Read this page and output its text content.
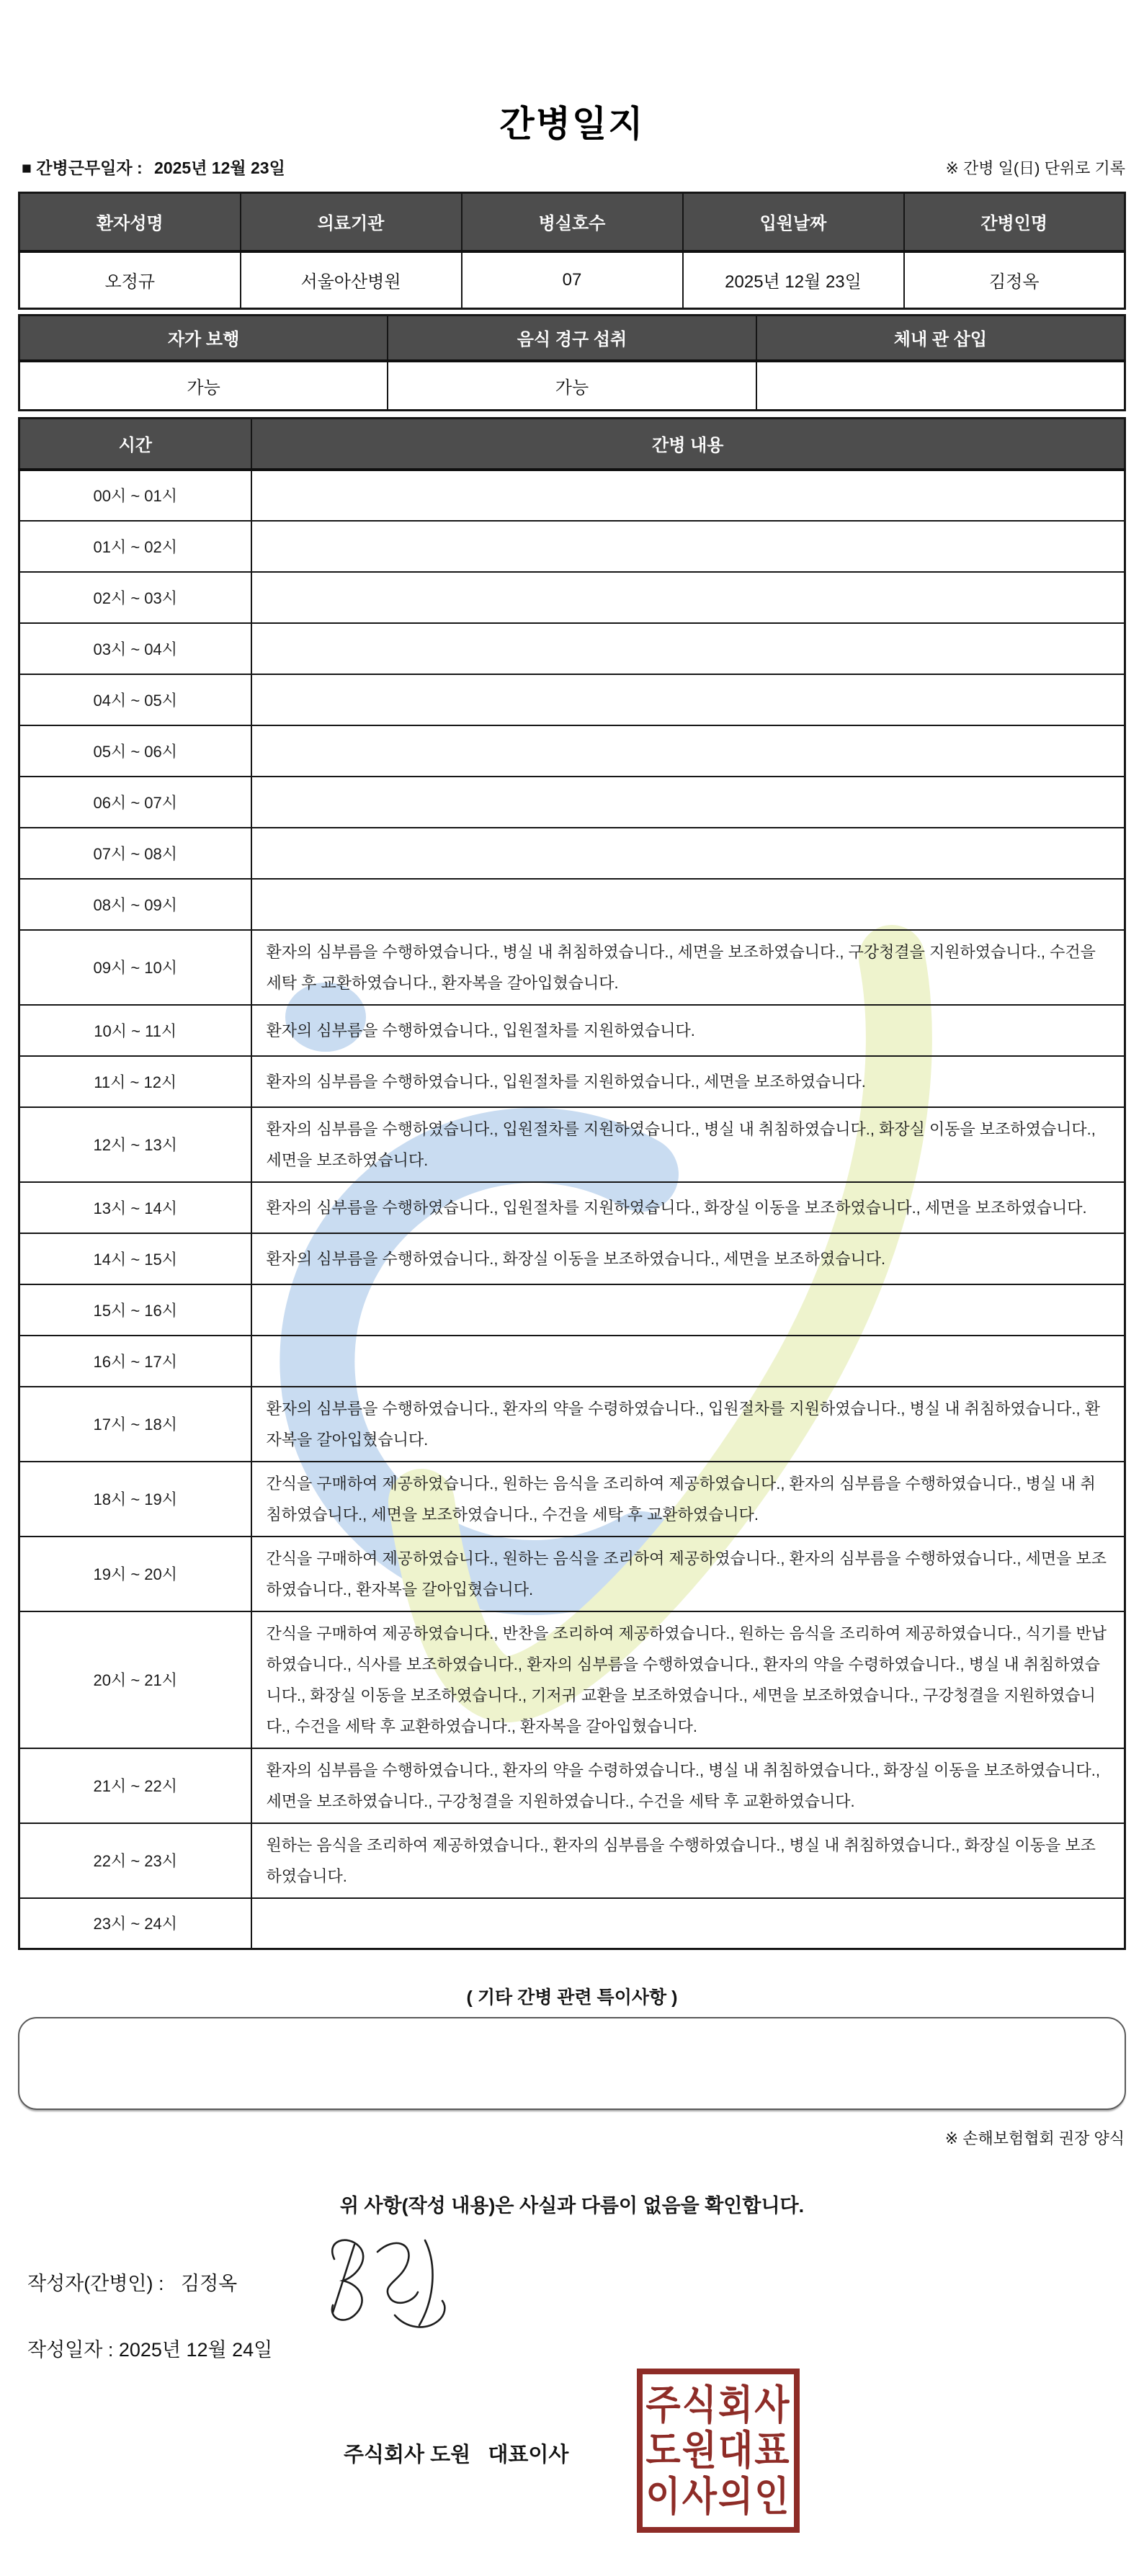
간병일지
■ 간병근무일자 : 2025년 12월 23일	※ 간병 일(日) 단위로 기록
환자성명	의료기관	병실호수	입원날짜	간병인명
오정규	서울아산병원	07	2025년 12월 23일	김정옥
자가 보행	음식 경구 섭취	체내 관 삽입
가능	가능	
시간	간병 내용
00시 ~ 01시	
01시 ~ 02시	
02시 ~ 03시	
03시 ~ 04시	
04시 ~ 05시	
05시 ~ 06시	
06시 ~ 07시	
07시 ~ 08시	
08시 ~ 09시	
09시 ~ 10시	환자의 심부름을 수행하였습니다., 병실 내 취침하였습니다., 세면을 보조하였습니다., 구강청결을 지원하였습니다., 수건을 세탁 후 교환하였습니다., 환자복을 갈아입혔습니다.
10시 ~ 11시	환자의 심부름을 수행하였습니다., 입원절차를 지원하였습니다.
11시 ~ 12시	환자의 심부름을 수행하였습니다., 입원절차를 지원하였습니다., 세면을 보조하였습니다.
12시 ~ 13시	환자의 심부름을 수행하였습니다., 입원절차를 지원하였습니다., 병실 내 취침하였습니다., 화장실 이동을 보조하였습니다., 세면을 보조하였습니다.
13시 ~ 14시	환자의 심부름을 수행하였습니다., 입원절차를 지원하였습니다., 화장실 이동을 보조하였습니다., 세면을 보조하였습니다.
14시 ~ 15시	환자의 심부름을 수행하였습니다., 화장실 이동을 보조하였습니다., 세면을 보조하였습니다.
15시 ~ 16시	
16시 ~ 17시	
17시 ~ 18시	환자의 심부름을 수행하였습니다., 환자의 약을 수령하였습니다., 입원절차를 지원하였습니다., 병실 내 취침하였습니다., 환자복을 갈아입혔습니다.
18시 ~ 19시	간식을 구매하여 제공하였습니다., 원하는 음식을 조리하여 제공하였습니다., 환자의 심부름을 수행하였습니다., 병실 내 취침하였습니다., 세면을 보조하였습니다., 수건을 세탁 후 교환하였습니다.
19시 ~ 20시	간식을 구매하여 제공하였습니다., 원하는 음식을 조리하여 제공하였습니다., 환자의 심부름을 수행하였습니다., 세면을 보조하였습니다., 환자복을 갈아입혔습니다.
20시 ~ 21시	간식을 구매하여 제공하였습니다., 반찬을 조리하여 제공하였습니다., 원하는 음식을 조리하여 제공하였습니다., 식기를 반납하였습니다., 식사를 보조하였습니다., 환자의 심부름을 수행하였습니다., 환자의 약을 수령하였습니다., 병실 내 취침하였습니다., 화장실 이동을 보조하였습니다., 기저귀 교환을 보조하였습니다., 세면을 보조하였습니다., 구강청결을 지원하였습니다., 수건을 세탁 후 교환하였습니다., 환자복을 갈아입혔습니다.
21시 ~ 22시	환자의 심부름을 수행하였습니다., 환자의 약을 수령하였습니다., 병실 내 취침하였습니다., 화장실 이동을 보조하였습니다., 세면을 보조하였습니다., 구강청결을 지원하였습니다., 수건을 세탁 후 교환하였습니다.
22시 ~ 23시	원하는 음식을 조리하여 제공하였습니다., 환자의 심부름을 수행하였습니다., 병실 내 취침하였습니다., 화장실 이동을 보조하였습니다.
23시 ~ 24시	
( 기타 간병 관련 특이사항 )
※ 손해보험협회 권장 양식
위 사항(작성 내용)은 사실과 다름이 없음을 확인합니다.
작성자(간병인) : 김정옥
작성일자 : 2025년 12월 24일
주식회사 도원   대표이사
주식회사
도원대표
이사의인
